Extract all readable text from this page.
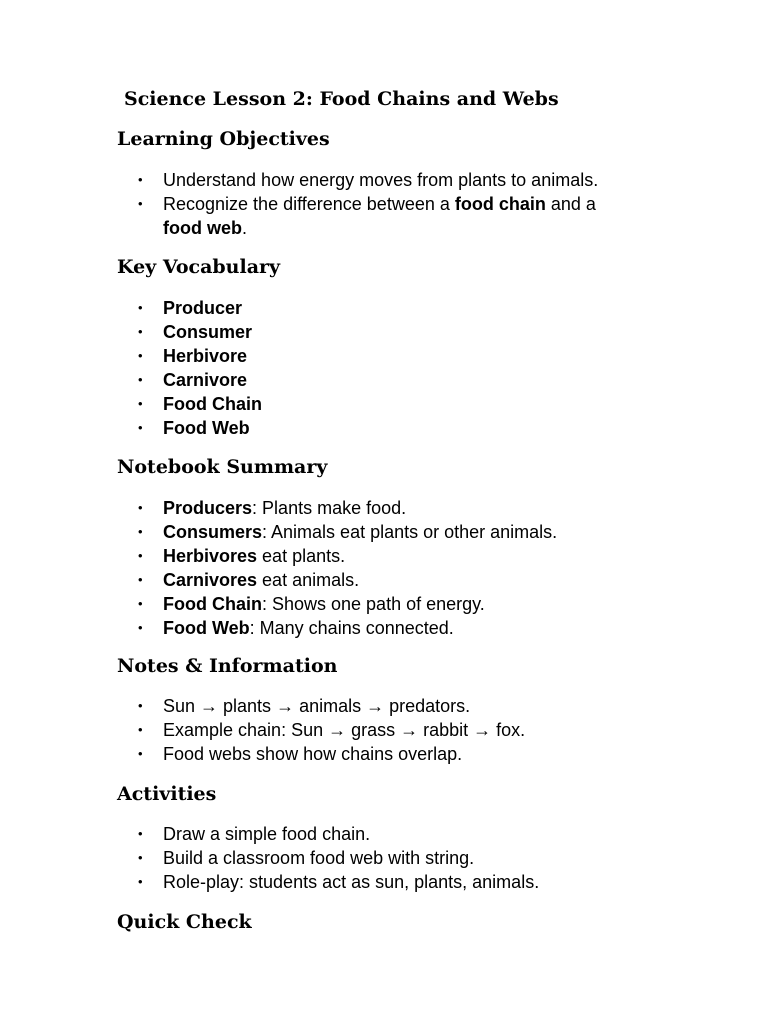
Science Lesson 2: Food Chains and Webs
Learning Objectives
•	Understand how energy moves from plants to animals.
•	Recognize the difference between a food chain and a food web.
Key Vocabulary
•	Producer
•	Consumer
•	Herbivore
•	Carnivore
•	Food Chain
•	Food Web
Notebook Summary
•	Producers: Plants make food.
•	Consumers: Animals eat plants or other animals.
•	Herbivores eat plants.
•	Carnivores eat animals.
•	Food Chain: Shows one path of energy.
•	Food Web: Many chains connected.
Notes & Information
•	Sun → plants → animals → predators.
•	Example chain: Sun → grass → rabbit → fox.
•	Food webs show how chains overlap.
Activities
•	Draw a simple food chain.
•	Build a classroom food web with string.
•	Role-play: students act as sun, plants, animals.
Quick Check
